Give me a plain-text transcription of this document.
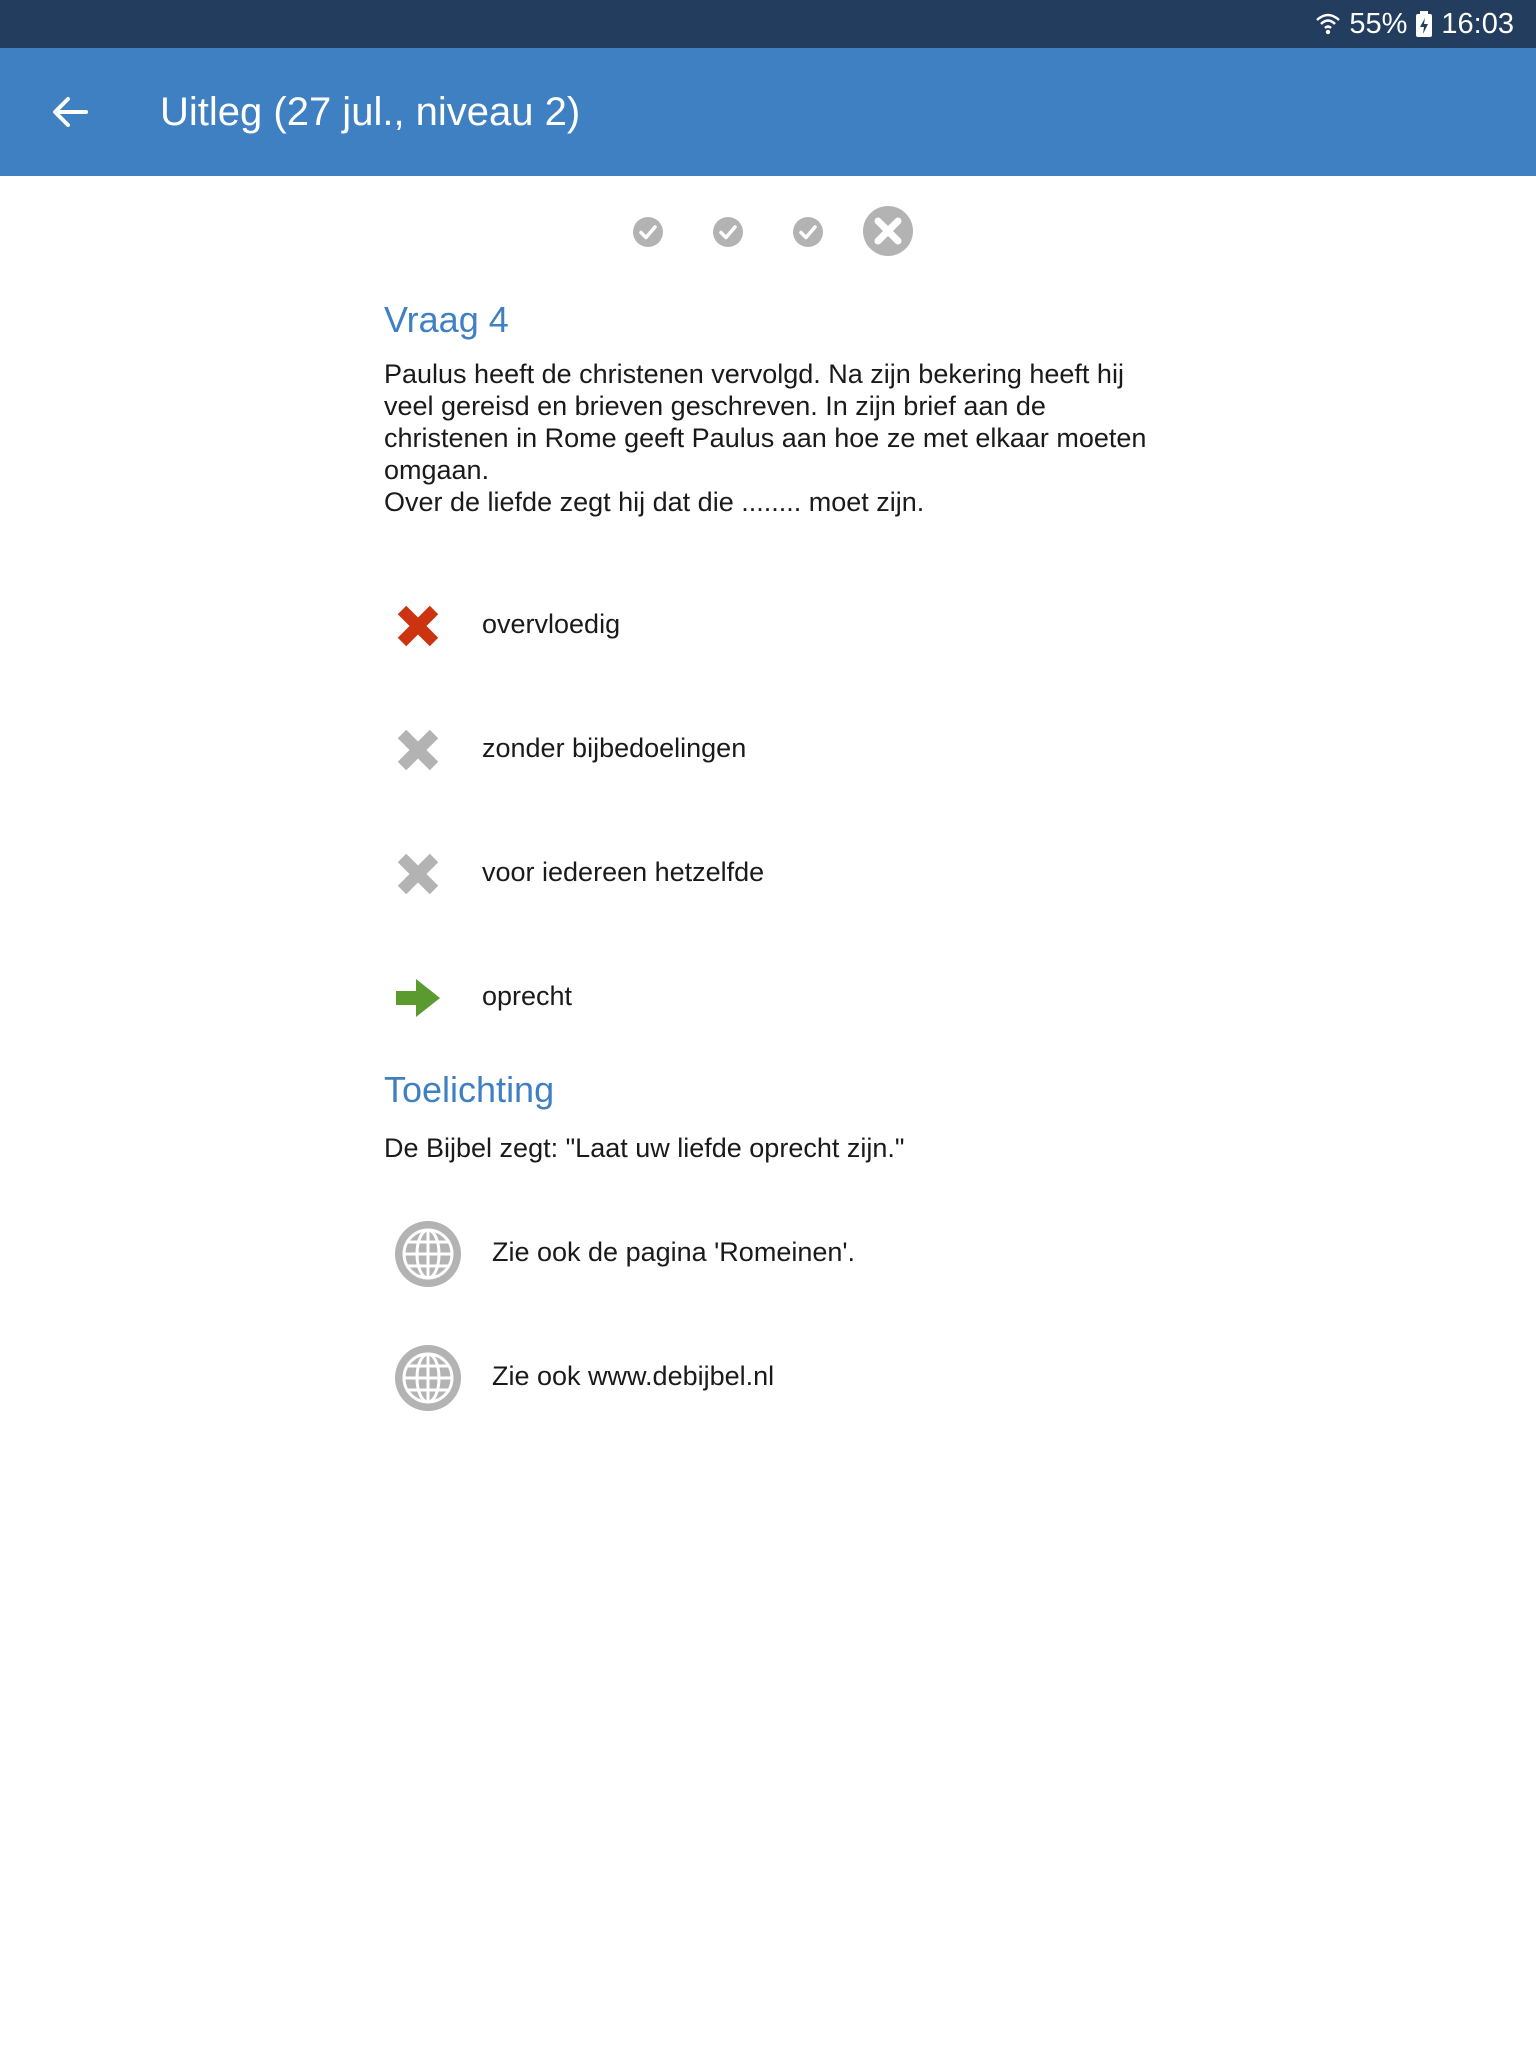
55% 16:03
Uitleg (27 jul., niveau 2)
Vraag 4
Paulus heeft de christenen vervolgd. Na zijn bekering heeft hij veel gereisd en brieven geschreven. In zijn brief aan de christenen in Rome geeft Paulus aan hoe ze met elkaar moeten omgaan.
Over de liefde zegt hij dat die ........ moet zijn.
overvloedig
zonder bijbedoelingen
voor iedereen hetzelfde
oprecht
Toelichting
De Bijbel zegt: "Laat uw liefde oprecht zijn."
Zie ook de pagina 'Romeinen'.
Zie ook www.debijbel.nl
